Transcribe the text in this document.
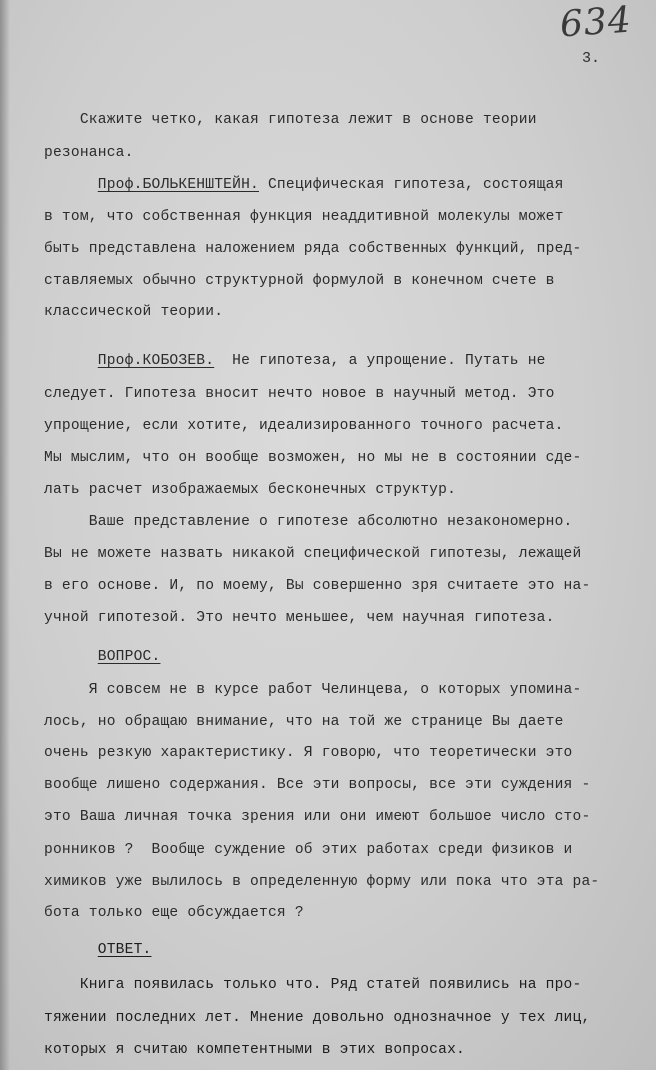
634
3.
Скажите четко, какая гипотеза лежит в основе теории
резонанса.
Проф.БОЛЬКЕНШТЕЙН. Специфическая гипотеза, состоящая
в том, что собственная функция неаддитивной молекулы может
быть представлена наложением ряда собственных функций, пред-
ставляемых обычно структурной формулой в конечном счете в
классической теории.
Проф.КОБОЗЕВ.  Не гипотеза, а упрощение. Путать не
следует. Гипотеза вносит нечто новое в научный метод. Это
упрощение, если хотите, идеализированного точного расчета.
Мы мыслим, что он вообще возможен, но мы не в состоянии сде-
лать расчет изображаемых бесконечных структур.
Ваше представление о гипотезе абсолютно незакономерно.
Вы не можете назвать никакой специфической гипотезы, лежащей
в его основе. И, по моему, Вы совершенно зря считаете это на-
учной гипотезой. Это нечто меньшее, чем научная гипотеза.
ВОПРОС.
Я совсем не в курсе работ Челинцева, о которых упомина-
лось, но обращаю внимание, что на той же странице Вы даете
очень резкую характеристику. Я говорю, что теоретически это
вообще лишено содержания. Все эти вопросы, все эти суждения -
это Ваша личная точка зрения или они имеют большое число сто-
ронников ?  Вообще суждение об этих работах среди физиков и
химиков уже вылилось в определенную форму или пока что эта ра-
бота только еще обсуждается ?
ОТВЕТ.
Книга появилась только что. Ряд статей появились на про-
тяжении последних лет. Мнение довольно однозначное у тех лиц,
которых я считаю компетентными в этих вопросах.
